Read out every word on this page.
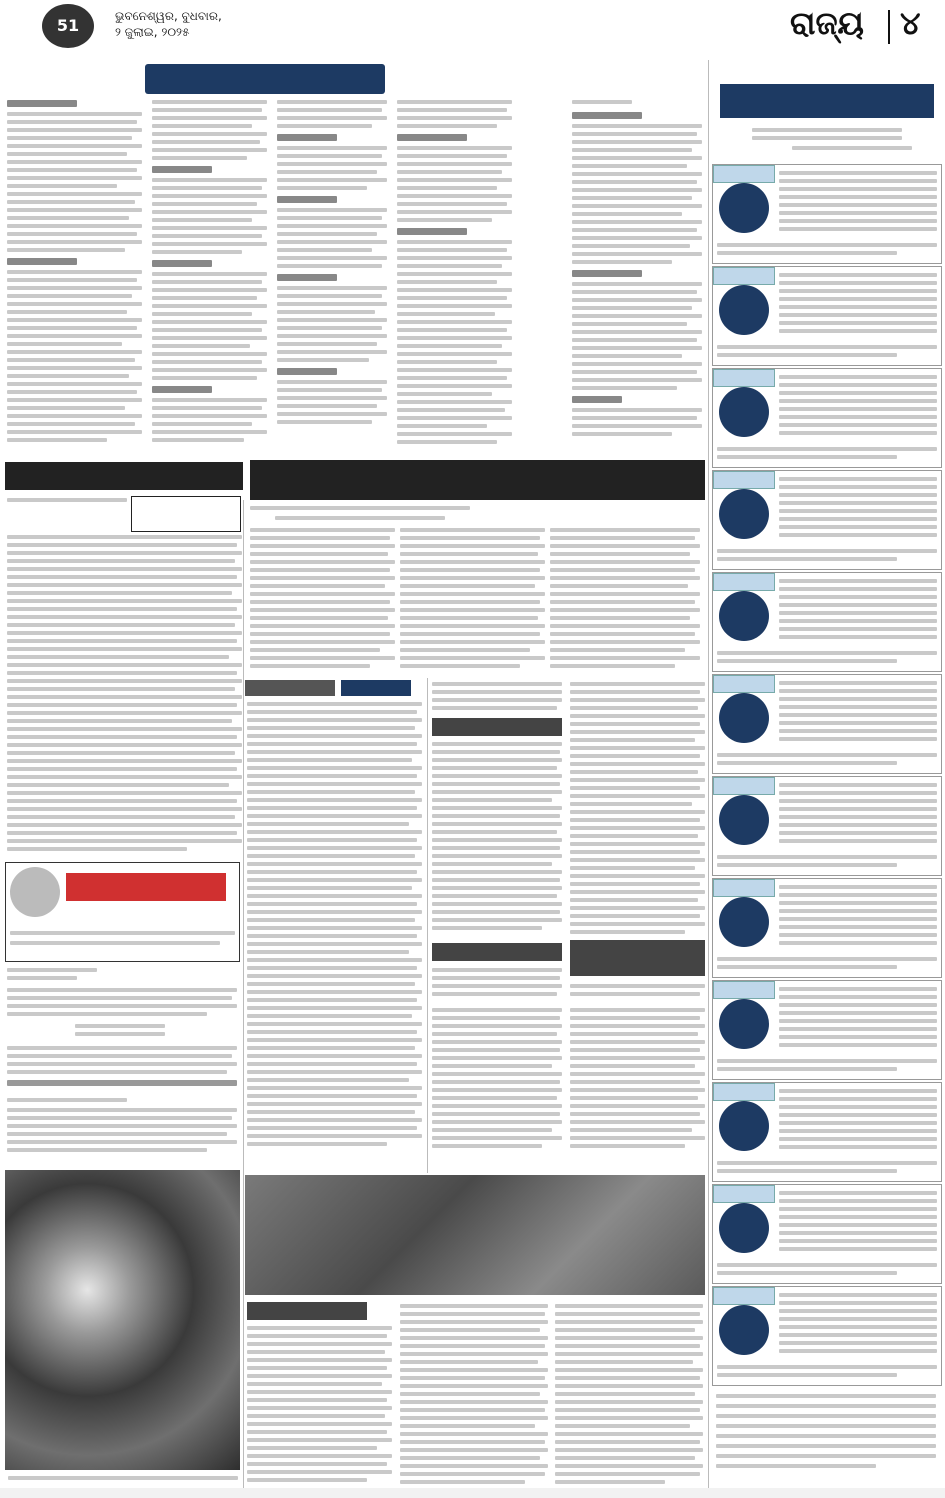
51	ଭୁବନେଶ୍ୱର, ବୁଧବାର,
୨ ଜୁଲାଇ, ୨୦୨୫	ରାଜ୍ୟ ୪
